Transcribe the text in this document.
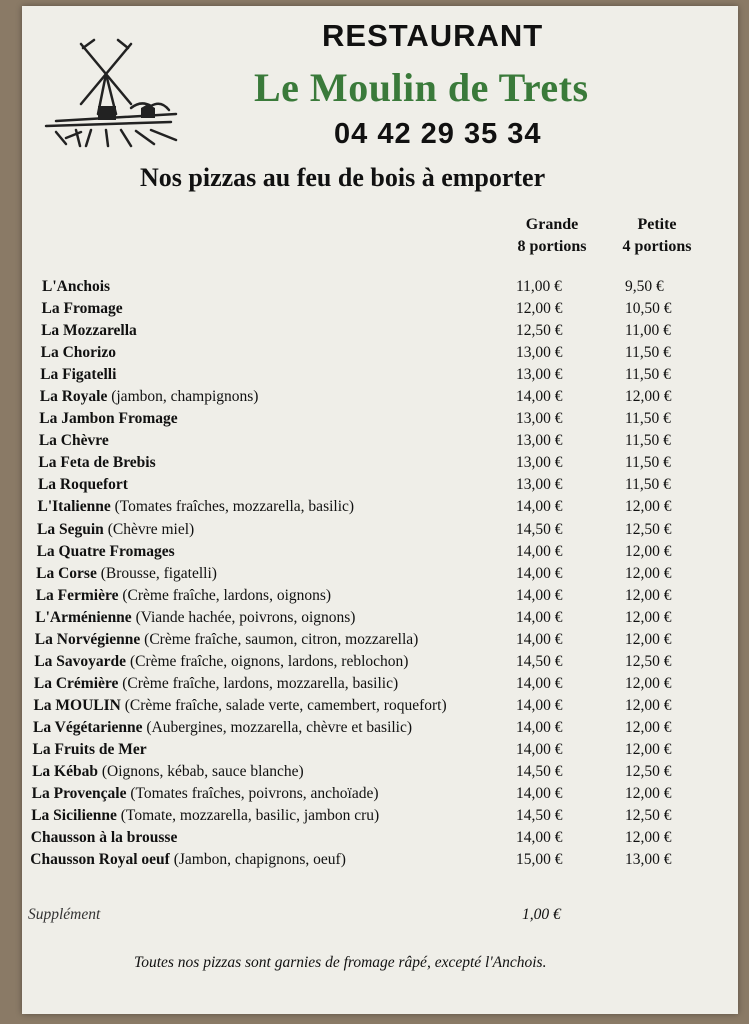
RESTAURANT
Le Moulin de Trets
04 42 29 35 34
Nos pizzas au feu de bois à emporter
Grande
8 portions
Petite
4 portions
L'Anchois	11,00 €	9,50 €
La Fromage	12,00 €	10,50 €
La Mozzarella	12,50 €	11,00 €
La Chorizo	13,00 €	11,50 €
La Figatelli	13,00 €	11,50 €
La Royale (jambon, champignons)	14,00 €	12,00 €
La Jambon Fromage	13,00 €	11,50 €
La Chèvre	13,00 €	11,50 €
La Feta de Brebis	13,00 €	11,50 €
La Roquefort	13,00 €	11,50 €
L'Italienne (Tomates fraîches, mozzarella, basilic)	14,00 €	12,00 €
La Seguin (Chèvre miel)	14,50 €	12,50 €
La Quatre Fromages	14,00 €	12,00 €
La Corse (Brousse, figatelli)	14,00 €	12,00 €
La Fermière (Crème fraîche, lardons, oignons)	14,00 €	12,00 €
L'Arménienne (Viande hachée, poivrons, oignons)	14,00 €	12,00 €
La Norvégienne (Crème fraîche, saumon, citron, mozzarella)	14,00 €	12,00 €
La Savoyarde (Crème fraîche, oignons, lardons, reblochon)	14,50 €	12,50 €
La Crémière (Crème fraîche, lardons, mozzarella, basilic)	14,00 €	12,00 €
La MOULIN (Crème fraîche, salade verte, camembert, roquefort)	14,00 €	12,00 €
La Végétarienne (Aubergines, mozzarella, chèvre et basilic)	14,00 €	12,00 €
La Fruits de Mer	14,00 €	12,00 €
La Kébab (Oignons, kébab, sauce blanche)	14,50 €	12,50 €
La Provençale (Tomates fraîches, poivrons, anchoïade)	14,00 €	12,00 €
La Sicilienne (Tomate, mozzarella, basilic, jambon cru)	14,50 €	12,50 €
Chausson à la brousse	14,00 €	12,00 €
Chausson Royal oeuf (Jambon, chapignons, oeuf)	15,00 €	13,00 €
Supplément	1,00 €
Toutes nos pizzas sont garnies de fromage râpé, excepté l'Anchois.
